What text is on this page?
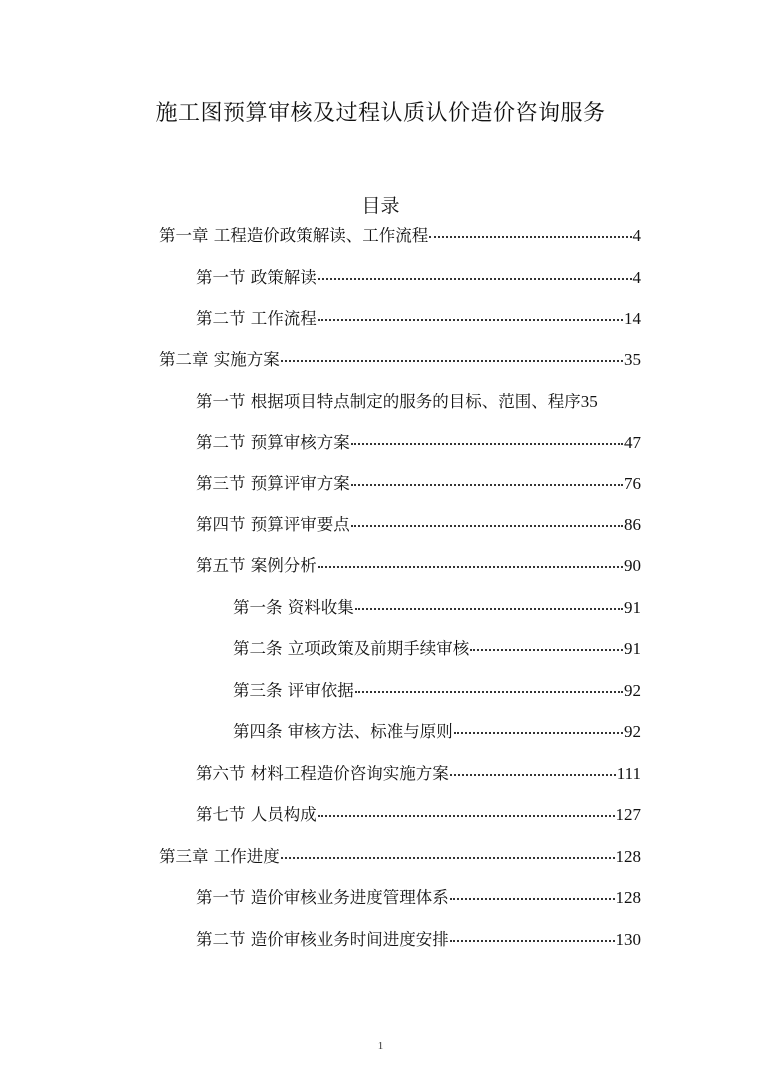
施工图预算审核及过程认质认价造价咨询服务
目录
第一章 工程造价政策解读、工作流程	4
第一节 政策解读	4
第二节 工作流程	14
第二章 实施方案	35
第一节 根据项目特点制定的服务的目标、范围、程序 35
第二节 预算审核方案	47
第三节 预算评审方案	76
第四节 预算评审要点	86
第五节 案例分析	90
第一条 资料收集	91
第二条 立项政策及前期手续审核	91
第三条 评审依据	92
第四条 审核方法、标准与原则	92
第六节 材料工程造价咨询实施方案	111
第七节 人员构成	127
第三章 工作进度	128
第一节 造价审核业务进度管理体系	128
第二节 造价审核业务时间进度安排	130
1
